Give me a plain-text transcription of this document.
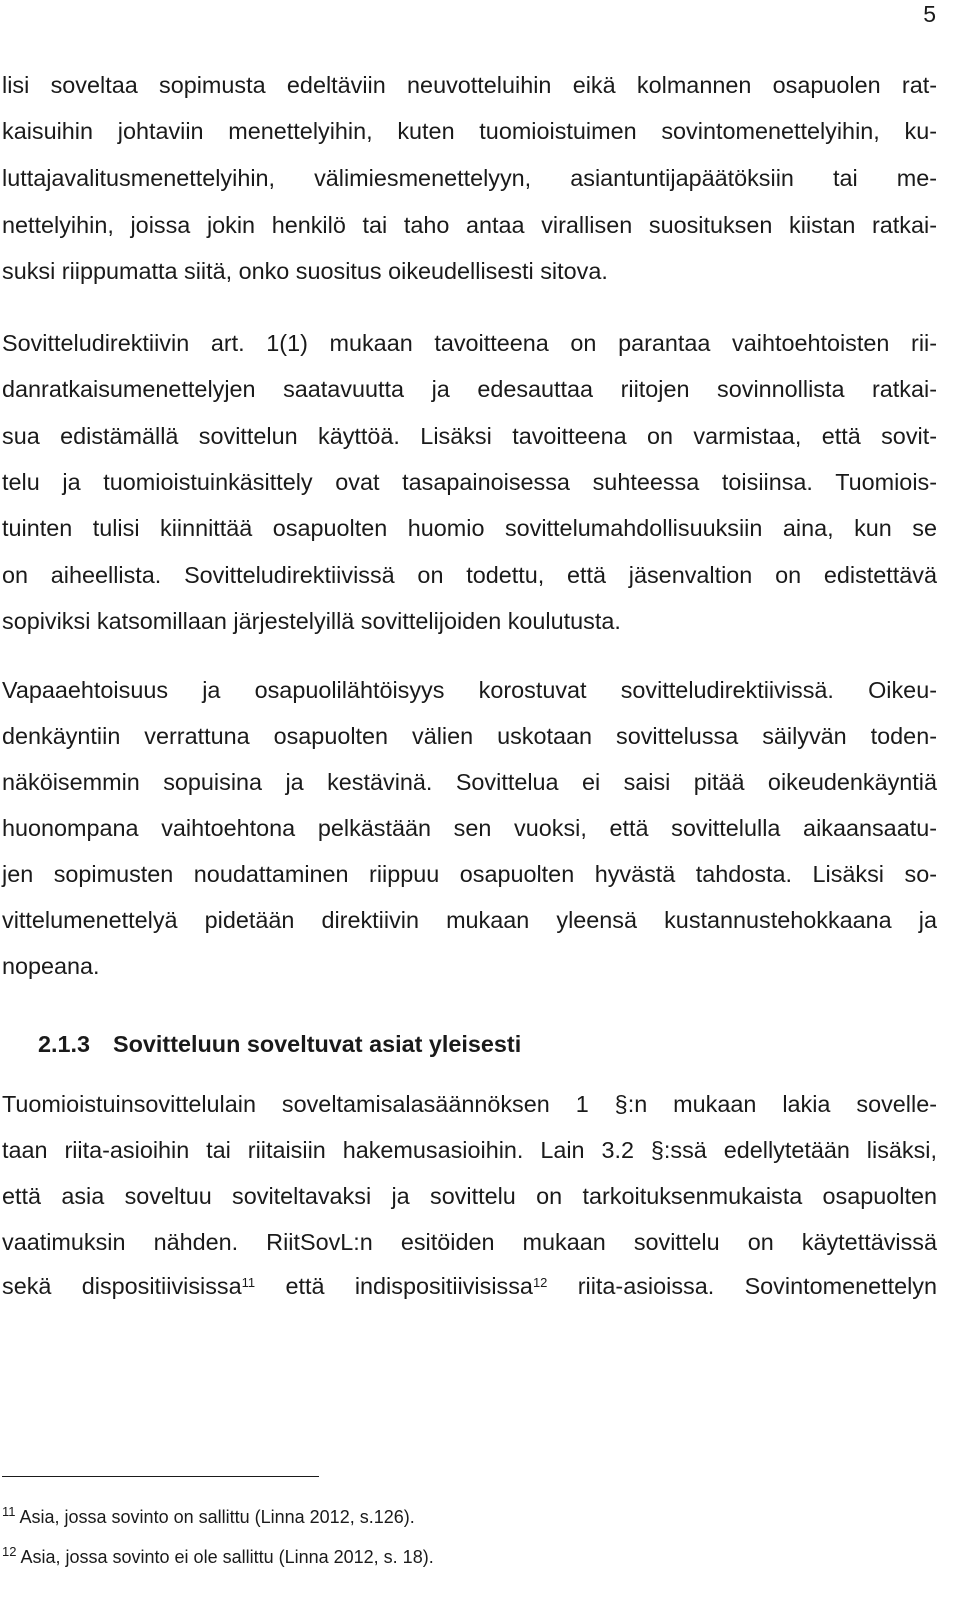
5
lisi soveltaa sopimusta edeltäviin neuvotteluihin eikä kolmannen osapuolen rat-
kaisuihin johtaviin menettelyihin, kuten tuomioistuimen sovintomenettelyihin, ku-
luttajavalitusmenettelyihin, välimiesmenettelyyn, asiantuntijapäätöksiin tai me-
nettelyihin, joissa jokin henkilö tai taho antaa virallisen suosituksen kiistan ratkai-
suksi riippumatta siitä, onko suositus oikeudellisesti sitova.
Sovitteludirektiivin art. 1(1) mukaan tavoitteena on parantaa vaihtoehtoisten rii-
danratkaisumenettelyjen saatavuutta ja edesauttaa riitojen sovinnollista ratkai-
sua edistämällä sovittelun käyttöä. Lisäksi tavoitteena on varmistaa, että sovit-
telu ja tuomioistuinkäsittely ovat tasapainoisessa suhteessa toisiinsa. Tuomiois-
tuinten tulisi kiinnittää osapuolten huomio sovittelumahdollisuuksiin aina, kun se
on aiheellista. Sovitteludirektiivissä on todettu, että jäsenvaltion on edistettävä
sopiviksi katsomillaan järjestelyillä sovittelijoiden koulutusta.
Vapaaehtoisuus ja osapuolilähtöisyys korostuvat sovitteludirektiivissä. Oikeu-
denkäyntiin verrattuna osapuolten välien uskotaan sovittelussa säilyvän toden-
näköisemmin sopuisina ja kestävinä. Sovittelua ei saisi pitää oikeudenkäyntiä
huonompana vaihtoehtona pelkästään sen vuoksi, että sovittelulla aikaansaatu-
jen sopimusten noudattaminen riippuu osapuolten hyvästä tahdosta. Lisäksi so-
vittelumenettelyä pidetään direktiivin mukaan yleensä kustannustehokkaana ja
nopeana.
2.1.3 Sovitteluun soveltuvat asiat yleisesti
Tuomioistuinsovittelulain soveltamisalasäännöksen 1 §:n mukaan lakia sovelle-
taan riita-asioihin tai riitaisiin hakemusasioihin. Lain 3.2 §:ssä edellytetään lisäksi,
että asia soveltuu soviteltavaksi ja sovittelu on tarkoituksenmukaista osapuolten
vaatimuksin nähden. RiitSovL:n esitöiden mukaan sovittelu on käytettävissä
sekä dispositiivisissa$^{11}$ että indispositiivisissa$^{12}$ riita-asioissa. Sovintomenettelyn
$^{11}$ Asia, jossa sovinto on sallittu (Linna 2012, s.126).
$^{12}$ Asia, jossa sovinto ei ole sallittu (Linna 2012, s. 18).
